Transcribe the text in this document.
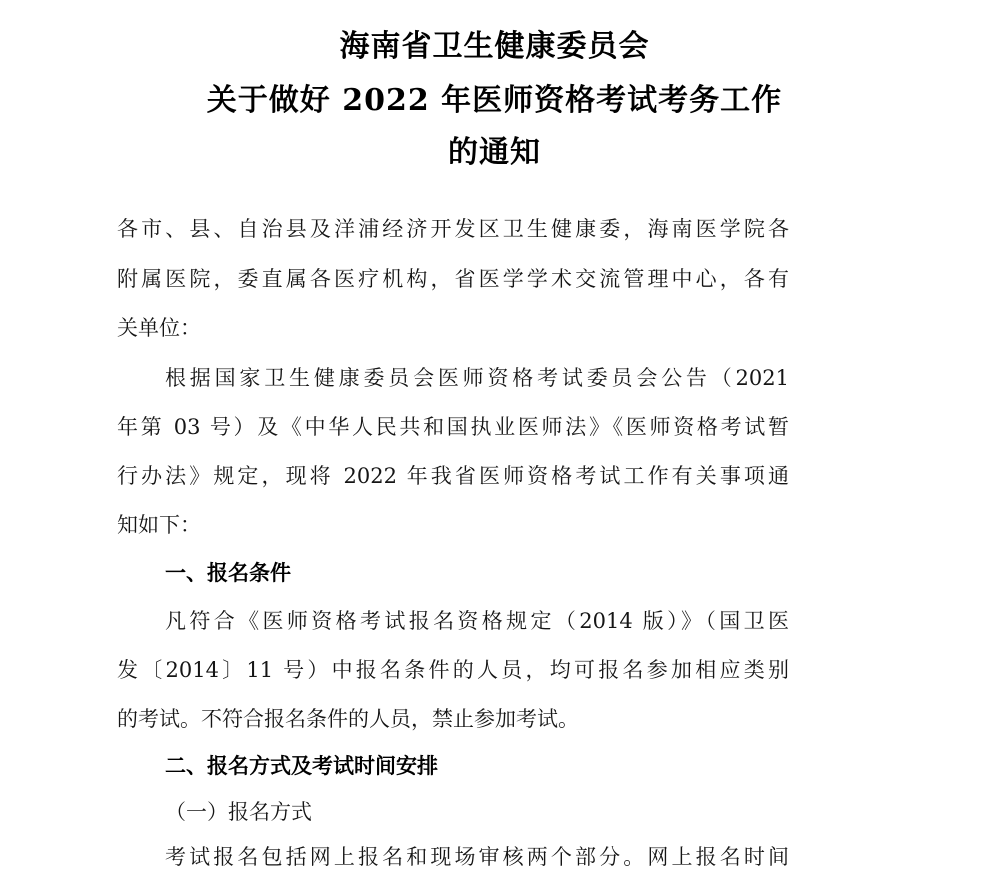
海南省卫生健康委员会
关于做好 2022 年医师资格考试考务工作
的通知
各市、县、自治县及洋浦经济开发区卫生健康委，海南医学院各
附属医院，委直属各医疗机构，省医学学术交流管理中心，各有
关单位：
根据国家卫生健康委员会医师资格考试委员会公告（2021
年第 03 号）及《中华人民共和国执业医师法》《医师资格考试暂
行办法》规定，现将 2022 年我省医师资格考试工作有关事项通
知如下：
一、报名条件
凡符合《医师资格考试报名资格规定（2014 版）》（国卫医
发〔2014〕11 号）中报名条件的人员，均可报名参加相应类别
的考试。不符合报名条件的人员，禁止参加考试。
二、报名方式及考试时间安排
（一）报名方式
考试报名包括网上报名和现场审核两个部分。网上报名时间
